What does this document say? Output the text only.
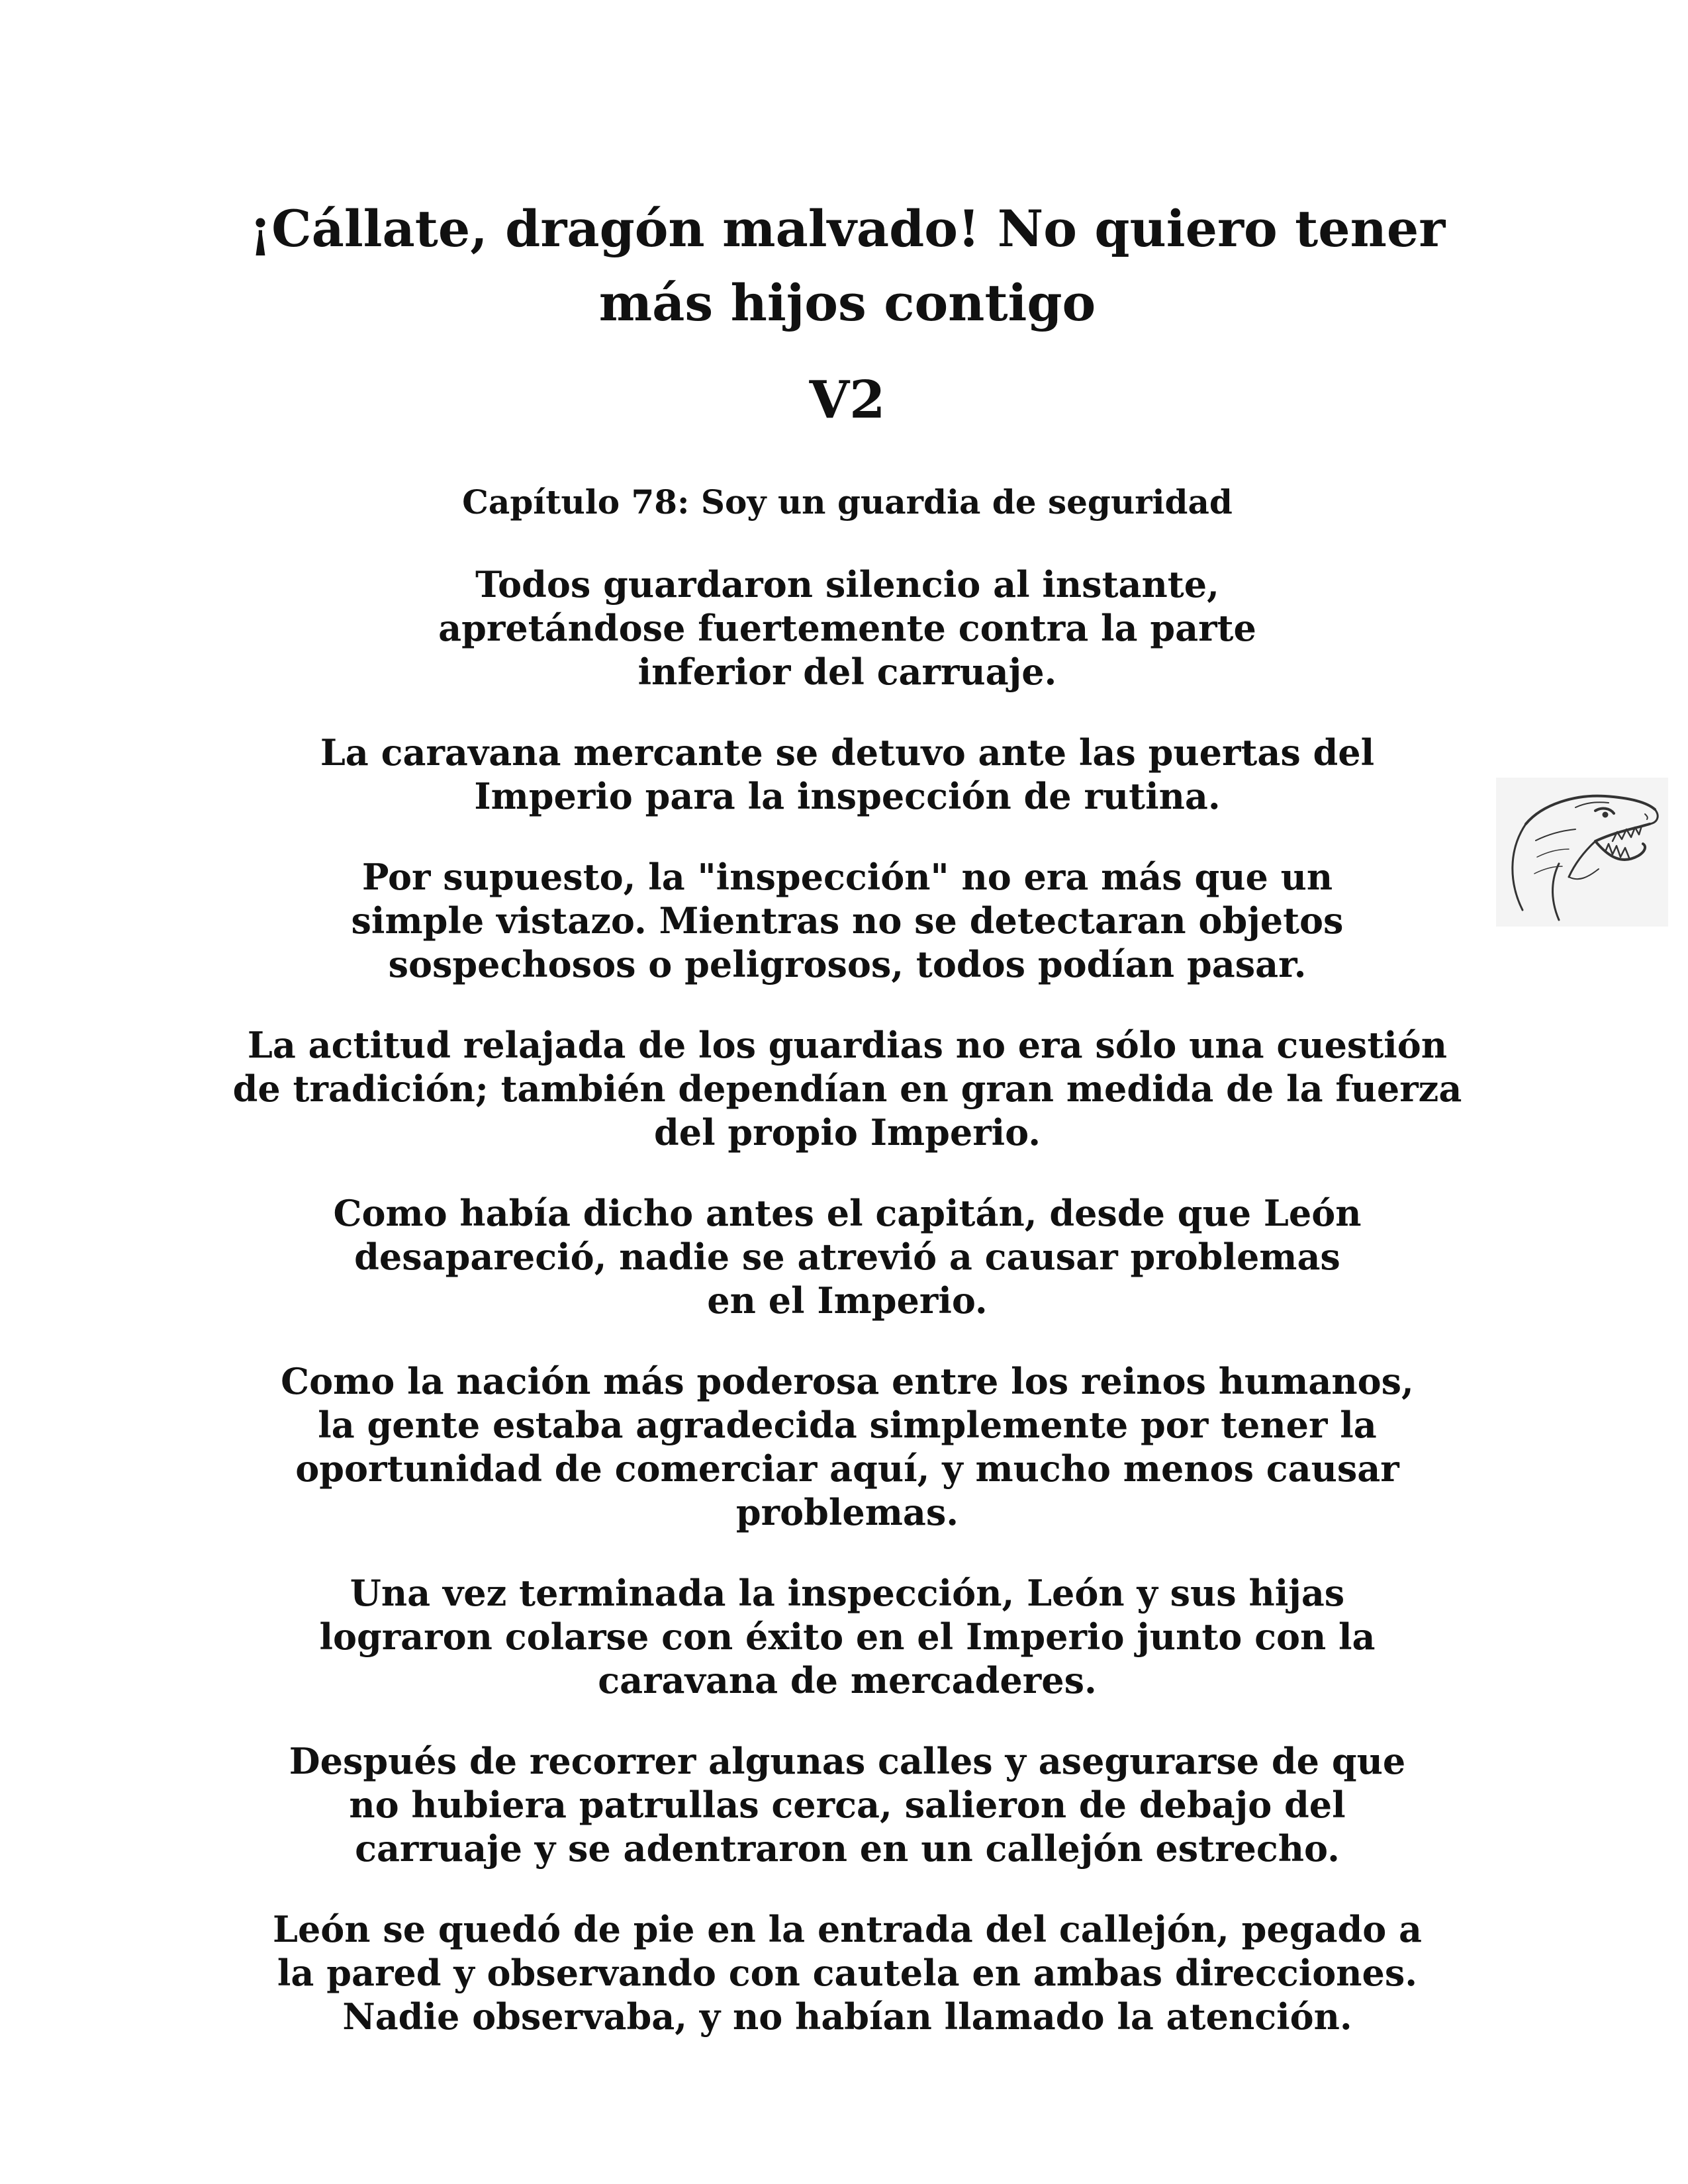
¡Cállate, dragón malvado! No quiero tener más hijos contigo
V2
Capítulo 78: Soy un guardia de seguridad

Todos guardaron silencio al instante, apretándose fuertemente contra la parte inferior del carruaje.

La caravana mercante se detuvo ante las puertas del Imperio para la inspección de rutina.

Por supuesto, la "inspección" no era más que un simple vistazo. Mientras no se detectaran objetos sospechosos o peligrosos, todos podían pasar.

La actitud relajada de los guardias no era sólo una cuestión de tradición; también dependían en gran medida de la fuerza del propio Imperio.

Como había dicho antes el capitán, desde que León desapareció, nadie se atrevió a causar problemas en el Imperio.

Como la nación más poderosa entre los reinos humanos, la gente estaba agradecida simplemente por tener la oportunidad de comerciar aquí, y mucho menos causar problemas.

Una vez terminada la inspección, León y sus hijas lograron colarse con éxito en el Imperio junto con la caravana de mercaderes.

Después de recorrer algunas calles y asegurarse de que no hubiera patrullas cerca, salieron de debajo del carruaje y se adentraron en un callejón estrecho.

León se quedó de pie en la entrada del callejón, pegado a la pared y observando con cautela en ambas direcciones. Nadie observaba, y no habían llamado la atención.
